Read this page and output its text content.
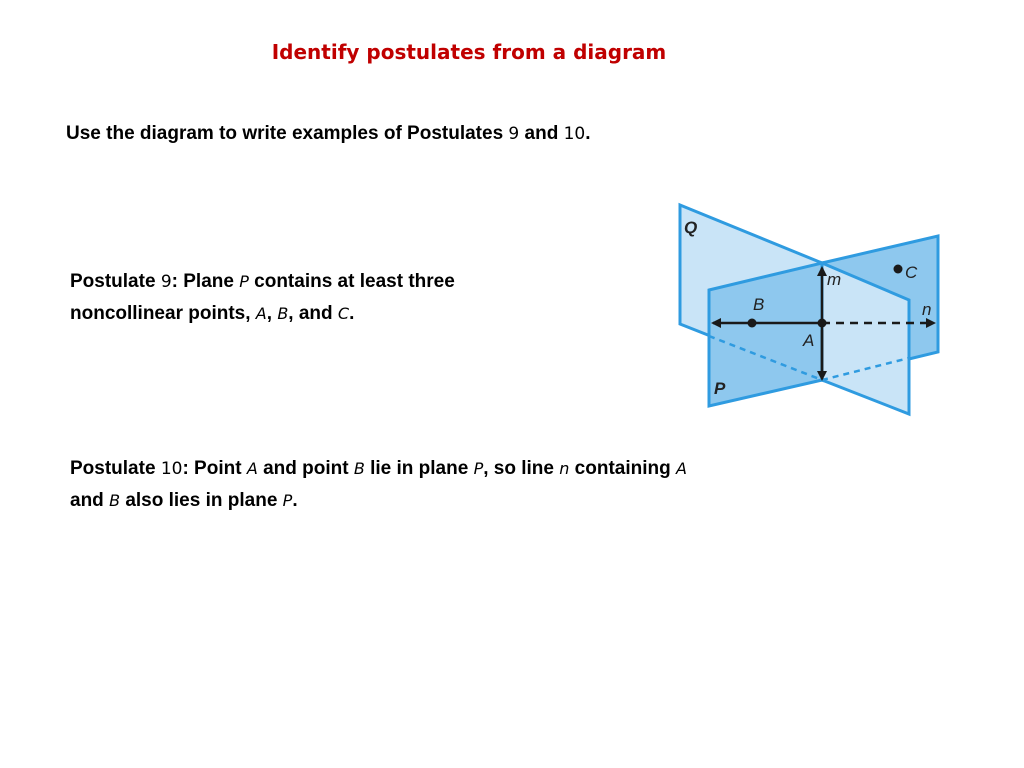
Identify postulates from a diagram
Use the diagram to write examples of Postulates 9 and 10.
Postulate 9: Plane P contains at least three noncollinear points, A, B, and C.
Postulate 10: Point A and point B lie in plane P, so line n containing A and B also lies in plane P.
Q
P
A
B
C
m
n
